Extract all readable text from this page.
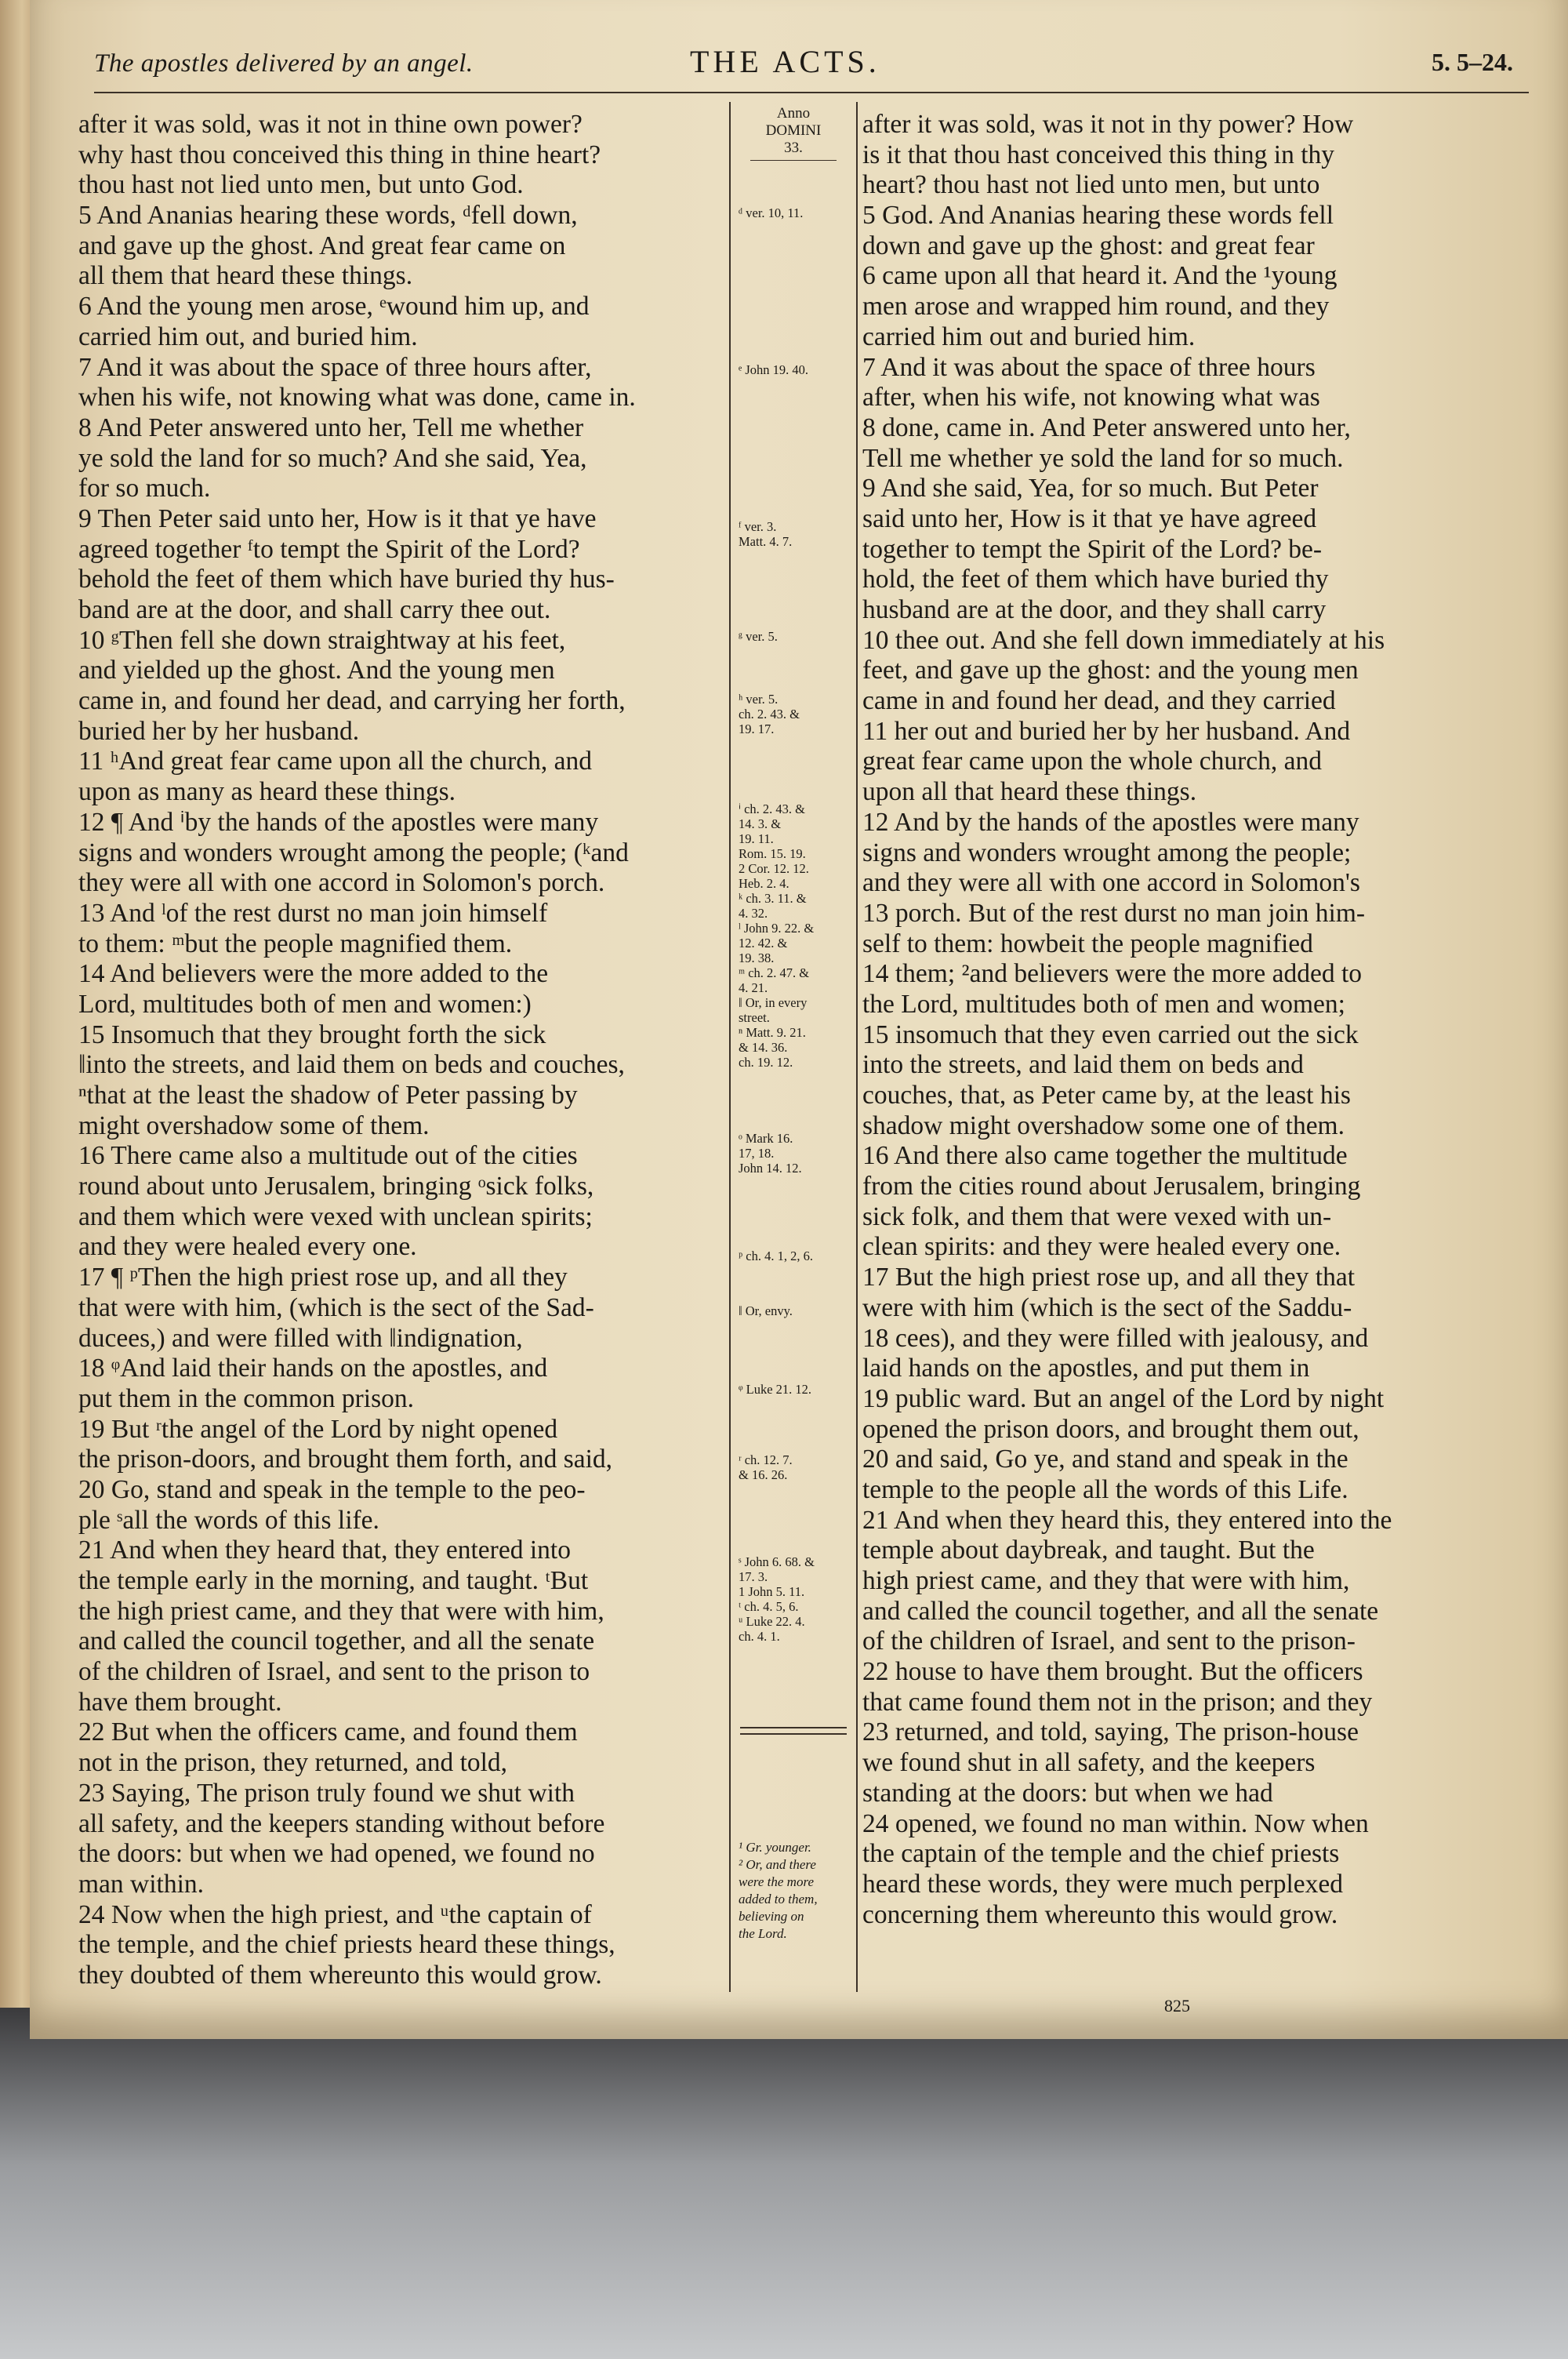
The apostles delivered by an angel.	THE ACTS.	5. 5–24.
after it was sold, was it not in thine own power?
why hast thou conceived this thing in thine heart?
thou hast not lied unto men, but unto God.
5 And Ananias hearing these words, ᵈfell down,
and gave up the ghost. And great fear came on
all them that heard these things.
6 And the young men arose, ᵉwound him up, and
carried him out, and buried him.
7 And it was about the space of three hours after,
when his wife, not knowing what was done, came in.
8 And Peter answered unto her, Tell me whether
ye sold the land for so much? And she said, Yea,
for so much.
9 Then Peter said unto her, How is it that ye have
agreed together ᶠto tempt the Spirit of the Lord?
behold the feet of them which have buried thy hus-
band are at the door, and shall carry thee out.
10 ᵍThen fell she down straightway at his feet,
and yielded up the ghost. And the young men
came in, and found her dead, and carrying her forth,
buried her by her husband.
11 ʰAnd great fear came upon all the church, and
upon as many as heard these things.
12 ¶ And ⁱby the hands of the apostles were many
signs and wonders wrought among the people; (ᵏand
they were all with one accord in Solomon's porch.
13 And ˡof the rest durst no man join himself
to them: ᵐbut the people magnified them.
14 And believers were the more added to the
Lord, multitudes both of men and women:)
15 Insomuch that they brought forth the sick
‖into the streets, and laid them on beds and couches,
ⁿthat at the least the shadow of Peter passing by
might overshadow some of them.
16 There came also a multitude out of the cities
round about unto Jerusalem, bringing ᵒsick folks,
and them which were vexed with unclean spirits;
and they were healed every one.
17 ¶ ᵖThen the high priest rose up, and all they
that were with him, (which is the sect of the Sad-
ducees,) and were filled with ‖indignation,
18 ᵠAnd laid their hands on the apostles, and
put them in the common prison.
19 But ʳthe angel of the Lord by night opened
the prison-doors, and brought them forth, and said,
20 Go, stand and speak in the temple to the peo-
ple ˢall the words of this life.
21 And when they heard that, they entered into
the temple early in the morning, and taught. ᵗBut
the high priest came, and they that were with him,
and called the council together, and all the senate
of the children of Israel, and sent to the prison to
have them brought.
22 But when the officers came, and found them
not in the prison, they returned, and told,
23 Saying, The prison truly found we shut with
all safety, and the keepers standing without before
the doors: but when we had opened, we found no
man within.
24 Now when the high priest, and ᵘthe captain of
the temple, and the chief priests heard these things,
they doubted of them whereunto this would grow.
Anno
DOMINI
33.
ᵈ ver. 10, 11.
ᵉ John 19. 40.
ᶠ ver. 3.
Matt. 4. 7.
ᵍ ver. 5.
ʰ ver. 5.
ch. 2. 43. &
19. 17.
ⁱ ch. 2. 43. &
14. 3. &
19. 11.
Rom. 15. 19.
2 Cor. 12. 12.
Heb. 2. 4.
ᵏ ch. 3. 11. &
4. 32.
ˡ John 9. 22. &
12. 42. &
19. 38.
ᵐ ch. 2. 47. &
4. 21.
‖ Or, in every
street.
ⁿ Matt. 9. 21.
& 14. 36.
ch. 19. 12.
ᵒ Mark 16.
17, 18.
John 14. 12.
ᵖ ch. 4. 1, 2, 6.
‖ Or, envy.
ᵠ Luke 21. 12.
ʳ ch. 12. 7.
& 16. 26.
ˢ John 6. 68. &
17. 3.
1 John 5. 11.
ᵗ ch. 4. 5, 6.
ᵘ Luke 22. 4.
ch. 4. 1.
¹ Gr. younger.
² Or, and there
were the more
added to them,
believing on
the Lord.
after it was sold, was it not in thy power? How
is it that thou hast conceived this thing in thy
heart? thou hast not lied unto men, but unto
5 God. And Ananias hearing these words fell
down and gave up the ghost: and great fear
6 came upon all that heard it. And the ¹young
men arose and wrapped him round, and they
carried him out and buried him.
7 And it was about the space of three hours
after, when his wife, not knowing what was
8 done, came in. And Peter answered unto her,
Tell me whether ye sold the land for so much.
9 And she said, Yea, for so much. But Peter
said unto her, How is it that ye have agreed
together to tempt the Spirit of the Lord? be-
hold, the feet of them which have buried thy
husband are at the door, and they shall carry
10 thee out. And she fell down immediately at his
feet, and gave up the ghost: and the young men
came in and found her dead, and they carried
11 her out and buried her by her husband. And
great fear came upon the whole church, and
upon all that heard these things.
12 And by the hands of the apostles were many
signs and wonders wrought among the people;
and they were all with one accord in Solomon's
13 porch. But of the rest durst no man join him-
self to them: howbeit the people magnified
14 them; ²and believers were the more added to
the Lord, multitudes both of men and women;
15 insomuch that they even carried out the sick
into the streets, and laid them on beds and
couches, that, as Peter came by, at the least his
shadow might overshadow some one of them.
16 And there also came together the multitude
from the cities round about Jerusalem, bringing
sick folk, and them that were vexed with un-
clean spirits: and they were healed every one.
17 But the high priest rose up, and all they that
were with him (which is the sect of the Saddu-
18 cees), and they were filled with jealousy, and
laid hands on the apostles, and put them in
19 public ward. But an angel of the Lord by night
opened the prison doors, and brought them out,
20 and said, Go ye, and stand and speak in the
temple to the people all the words of this Life.
21 And when they heard this, they entered into the
temple about daybreak, and taught. But the
high priest came, and they that were with him,
and called the council together, and all the senate
of the children of Israel, and sent to the prison-
22 house to have them brought. But the officers
that came found them not in the prison; and they
23 returned, and told, saying, The prison-house
we found shut in all safety, and the keepers
standing at the doors: but when we had
24 opened, we found no man within. Now when
the captain of the temple and the chief priests
heard these words, they were much perplexed
concerning them whereunto this would grow.
825
